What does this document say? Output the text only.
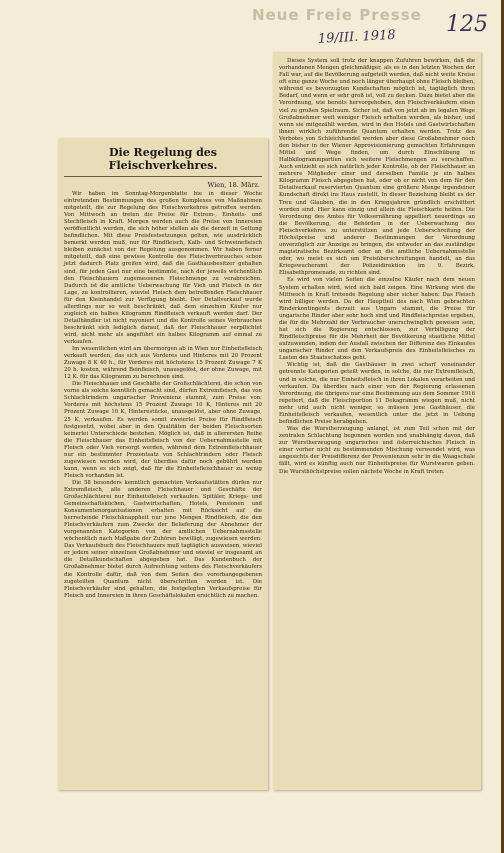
Neue Freie Presse
19/III. 1918
125
Die Regelung des Fleischverkehres.
Wien, 18. März.

Wir haben im Sonntag-Morgenblatte bie in dieser Woche eintretenden Bestimmungen des großen Komplexes von Maßnahmen mitgeteilt, die zur Regelung des Fleischverkehres getroffen werden. Von Mittwoch an treten die Preise für Extrem-, Einheits- und Stechfleisch in Kraft. Morgen werden auch die Preise von Innereien veröffentlicht werden, die sich höher stellen als die derzeit in Geltung befindlichen. Mit diese Preisfestsetzungen gelten, wie ausdrücklich bemerkt werden muß, nur für Rindfleisch, Kalb- und Schweinefleisch bleiben zunächst von der Regelung ausgenommen. Wir haben ferner mitgeteilt, daß eine gewisse Kontrolle des Fleischverbrauches schon jetzt dadurch Platz greifen wird, daß die Gasthausbesitzer gehalten sind, für jeden Gast nur eine bestimmte, nach der jeweils wöchentlich den Fleischhauern zugemessenen Fleischmenge zu verabreichen. Dadurch ist die amtliche Ueberwachung für Vieh und Fleisch in der Lage, zu kontrollieren, wieviel Fleisch dem betreffenden Fleischhauer für den Kleinhandel zur Verfügung bleibt. Der Detailverkauf wurde allerdings nur so weit beschränkt, daß dem einzelnen Käufer nur zugleich ein halbes Kilogramm Rindfleisch verkauft werden darf. Der Detailhändler ist nicht rayoniert und die Kontrolle seines Verbrauches beschränkt sich lediglich darauf, daß der Fleischhauer verpflichtet wird, nicht mehr als angeführt ein halbes Kilogramm auf einmal zu verkaufen.

Im wesentlichen wird am übermorgen ab in Wien nur Einheitsfleisch verkauft werden, das sich aus Vorderes und Hinteres mit 20 Prozent Zuwage 8 K 40 h., für Vorderes mit höchstens 15 Prozent Zuwage 7 K 20 h. kosten, während Beinfleisch, unausgelöst, der ohne Zuwage, mit 12 K. für das Kilogramm zu berechnen sind.

Die Fleischhauer und Geschäfte der Großschlächterei, die schon von vorne als solche kenntlich gemacht sind, dürfen Extremfleisch, das von Schlachtrindern ungarischer Provenienz stammt, zum Preise von: Vorderes mit höchstens 15 Prozent Zuwage 10 K, Hinteres mit 20 Prozent Zuwage 10 K, Hinterestücke, unausgelöst, aber ohne Zuwage, 25 K, verkaufen. Es werden somit zweierlei Preise für Rindfleisch festgesetzt, wobei aber in den Qualitäten der beiden Fleischsorten keinerlei Unterschiede bestehen. Möglich ist, daß in allerersten Reihe die Fleischhauer das Einheitsfleisch von der Uebernahmsstelle mit Fleisch oder Vieh versorgt werden, während dem Extremfleischhauer nur ein bestimmter Prozentsatz von Schlachtrindern oder Fleisch zugewiesen werden wird, der überdies dafür noch gebührt werden kann, wenn es sich zeigt, daß für die Einheitsfleischhauer zu wenig Fleisch vorhanden ist.

Die 58 besonders kenntlich gemachten Verkaufsstätten dürfen nur Extremfleisch, alle anderen Fleischhauer und Geschäfte der Großschlächterei nur Einheitsfleisch verkaufen. Spitäler, Kriegs- und Gemeinschaftsküchen, Gastwirtschaften, Hotels, Pensionen und Konsumentenorganisationen erhalten mit Rücksicht auf die herrschende Fleischknappheit nur jene Mengen Rindfleisch, die den Fleischverkäufern zum Zwecke der Belieferung der Abnehmer der vorgenannten Kategorien von der amtlichen Uebernahmsstelle wöchentlich nach Maßgabe der Zuhören bewilligt, zugewiesen werden. Das Verkaufsbuch des Fleischhauers muß tagtäglich ausweisen, wieviel er jedem seiner einzelnen Großabnehmer und wieviel er insgesamt an die Detailkundschaften abgegeben hat. Das Kundenbuch der Großabnehmer bietet durch Aufrechtung seitens des Fleischverkäufers die Kontrolle dafür, daß von dem Seiten des vorerbangegebenen zugeteilten Quantum nicht überschritten worden ist. Die Fleischverkäufer sind gehalten, die festgelegten Verkaufspreise für Fleisch und Innereien in ihren Geschäftslokalen ersichtlich zu machen.

Dieses System soll trotz der knappen Zufuhren bewirken, daß die vorhandenen Mengen gleichmäßiger, als es in den letzten Wochen der Fall war, auf die Bevölkerung aufgeteilt werden, daß nicht weite Kreise oft eine ganze Woche und noch länger überhaupt ohne Fleisch bleiben, während es bevorzugten Kundschaften möglich ist, tagtäglich ihren Bedarf, und wenn er sehr groß ist, voll zu decken. Dazu bietet aber die Verordnung, wie bereits hervorgehoben, den Fleischverkäufern einen viel zu großen Spielraum. Sicher ist, daß von jetzt ab im legalen Wege Großabnehmer weit weniger Fleisch erhalten werden, als bisher, und wenn sie mitgezählt werden, wird in den Hotels und Gastwirtschaften ihnen wirklich zuführende Quantum erhalten werden. Trotz des Verbotes von Schleichhandel werden aber diese Großabnehmer noch den bisher in der Wiener Approvisionierung gemachten Erfahrungen Mittel und Wege finden, um durch Einschübung in Halbkilogrammpartien sich weitere Fleischmengen zu verschaffen. Auch entzieht es sich natürlich jeder Kontrolle, ob der Fleischhauer an mehrere Mitglieder einer und derselben Familie je ein halbes Kilogramm Fleisch abgegeben hat, oder ob er nicht von dem für den Detailverkauf reservierten Quantum eine größere Menge irgendeiner Kundschaft direkt ins Haus zustellt. In dieser Beziehung bleibt es der Treu und Glauben, die in den Kriegsjahren gründlich erschüttert worden sind. Hier kann einzig und allein die Fleischkarte helfen. Die Verordnung des Amtes für Volksernährung appelliert neuerdings an die Bevölkerung, die Behörden in der Ueberwachung des Fleischverkehres zu unterstützen und jede Ueberschreitung der Höchstpreise und anderer Bestimmungen der Verordnung unverzüglich zur Anzeige zu bringen, die entweder an das zuständige magistratische Bezirksamt oder an die amtliche Uebernahmsstelle oder, wo meist es sich um Preisüberschreitungen handelt, an das Kriegswucheramt der Polizeidirektion im 9. Bezirk, Elisabethpromenade, zu richten sind.

Es wird von vielen Seiten die einzelne Käufer nach dem neuen System erhalten wird, wird sich bald zeigen. Eine Wirkung wird die Mittwoch in Kraft tretende Regelung aber sicher haben: Das Fleisch wird billiger werden. Da der Hauptteil des nach Wien gebrachten Rinderkontingents derzeit aus Ungarn stammt, die Preise für ungarische Rinder aber sehr hoch sind und Rindfleischpreise ergeben, die für die Mehrzahl der Verbraucher unerschwinglich gewesen sein, hat sich die Regierung entschlossen, zur Verbilligung der Rindfleischpreise für die Mehrheit der Bevölkerung staatliche Mittel aufzuwenden, indem der Ausfall zwischen der Differenz des Einkaufes ungarischer Rinder und den Verkaufspreis des Einheitsfleisches zu Lasten des Staatsschatzes geht.

Wichtig ist, daß die Gasthäuser in zwei scharf voneinander getrennte Kategorien geteilt werden, in solche, die nur Extremfleisch, und in solche, die nur Einheitsfleisch in ihren Lokalen verarbeiten und verkaufen. Da überdies nach einer von der Regierung erlassenen Verordnung, die übrigens nur eine Bestimmung aus dem Sommer 1916 repetiert, daß die Fleischportion 11 Dekagramm wiegen muß, nicht mehr und auch nicht weniger, so müssen jene Gasthäuser, die Einheitsfleisch verkaufen, wesentlich unter die jetzt in Uebung befindlichen Preise herabgehen.

Was die Wurstherzeugung anlangt, ist zum Teil schon mit der zentralen Schlachtung begonnen worden und unabhängig davon, daß zur Wurstherzeugung ungarisches und österreichisches Fleisch in einer vorher nicht zu bestimmenden Mischung verwendet wird, was angesichts der Preisdifferenz der Provenienzen sehr in die Waagschale fällt, wird es künftig auch nur Einheitspreise für Wurstwaren geben. Die Wursthöchstpreise sollen nächste Woche in Kraft treten.
